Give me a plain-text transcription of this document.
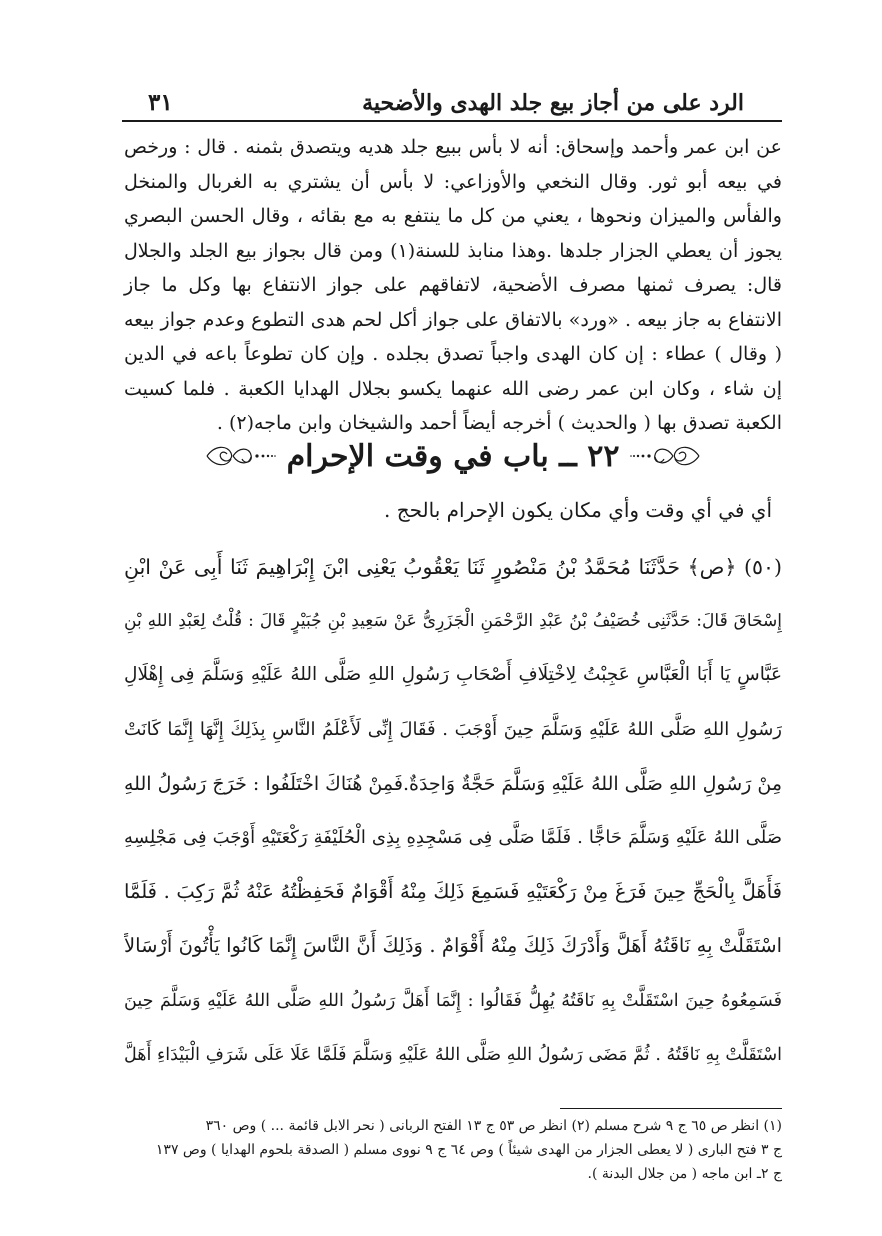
الرد على من أجاز بيع جلد الهدى والأضحية
٣١

عن ابن عمر وأحمد وإسحاق: أنه لا بأس ببيع جلد هديه ويتصدق بثمنه . قال : ورخص في بيعه أبو ثور. وقال النخعي والأوزاعي: لا بأس أن يشتري به الغربال والمنخل والفأس والميزان ونحوها ، يعني من كل ما ينتفع به مع بقائه ، وقال الحسن البصري يجوز أن يعطي الجزار جلدها .وهذا منابذ للسنة(١) ومن قال بجواز بيع الجلد والجلال قال: يصرف ثمنها مصرف الأضحية، لاتفاقهم على جواز الانتفاع بها وكل ما جاز الانتفاع به جاز بيعه . «ورد» بالاتفاق على جواز أكل لحم هدى التطوع وعدم جواز بيعه ( وقال ) عطاء : إن كان الهدى واجباً تصدق بجلده . وإن كان تطوعاً باعه في الدين إن شاء ، وكان ابن عمر رضى الله عنهما يكسو بجلال الهدايا الكعبة . فلما كسيت الكعبة تصدق بها ( والحديث ) أخرجه أيضاً أحمد والشيخان وابن ماجه(٢) .

٢٢ ــ باب في وقت الإحرام
أي في أي وقت وأي مكان يكون الإحرام بالحج .
(٥٠) ﴿ص﴾ حَدَّثَنَا مُحَمَّدُ بْنُ مَنْصُورٍ ثَنَا يَعْقُوبُ يَعْنِى ابْنَ إِبْرَاهِيمَ ثَنَا أَبِى عَنْ ابْنِ
إِسْحَاقَ قَالَ: حَدَّثَنِى خُصَيْفُ بْنُ عَبْدِ الرَّحْمَنِ الْجَزَرِىُّ عَنْ سَعِيدِ بْنِ جُبَيْرٍ قَالَ : قُلْتُ لِعَبْدِ اللهِ بْنِ
عَبَّاسٍ يَا أَبَا الْعَبَّاسِ عَجِبْتُ لِاخْتِلَافِ أَصْحَابِ رَسُولِ اللهِ صَلَّى اللهُ عَلَيْهِ وَسَلَّمَ فِى إِهْلَالِ
رَسُولِ اللهِ صَلَّى اللهُ عَلَيْهِ وَسَلَّمَ حِينَ أَوْجَبَ . فَقَالَ إِنِّى لَأَعْلَمُ النَّاسِ بِذَلِكَ إِنَّهَا إِنَّمَا كَانَتْ
مِنْ رَسُولِ اللهِ صَلَّى اللهُ عَلَيْهِ وَسَلَّمَ حَجَّةٌ وَاحِدَةٌ.فَمِنْ هُنَاكَ اخْتَلَفُوا : خَرَجَ رَسُولُ اللهِ
صَلَّى اللهُ عَلَيْهِ وَسَلَّمَ حَاجًّا . فَلَمَّا صَلَّى فِى مَسْجِدِهِ بِذِى الْحُلَيْفَةِ رَكْعَتَيْهِ أَوْجَبَ فِى مَجْلِسِهِ
فَأَهَلَّ بِالْحَجِّ حِينَ فَرَغَ مِنْ رَكْعَتَيْهِ فَسَمِعَ ذَلِكَ مِنْهُ أَقْوَامٌ فَحَفِظْتُهُ عَنْهُ ثُمَّ رَكِبَ . فَلَمَّا
اسْتَقَلَّتْ بِهِ نَاقَتُهُ أَهَلَّ وَأَدْرَكَ ذَلِكَ مِنْهُ أَقْوَامٌ . وَذَلِكَ أَنَّ النَّاسَ إِنَّمَا كَانُوا يَأْتُونَ أَرْسَالاً
فَسَمِعُوهُ حِينَ اسْتَقَلَّتْ بِهِ نَاقَتُهُ يُهِلُّ فَقَالُوا : إِنَّمَا أَهَلَّ رَسُولُ اللهِ صَلَّى اللهُ عَلَيْهِ وَسَلَّمَ حِينَ
اسْتَقَلَّتْ بِهِ نَاقَتُهُ . ثُمَّ مَضَى رَسُولُ اللهِ صَلَّى اللهُ عَلَيْهِ وَسَلَّمَ فَلَمَّا عَلَا عَلَى شَرَفِ الْبَيْدَاءِ أَهَلَّ

(١) انظر ص ٦٥ ج ٩ شرح مسلم (٢) انظر ص ٥٣ ج ١٣ الفتح الربانى ( نحر الابل قائمة ... ) وص ٣٦٠

ج ٣ فتح البارى ( لا يعطى الجزار من الهدى شيئاً ) وص ٦٤ ج ٩ نووى مسلم ( الصدقة بلحوم الهدايا ) وص ١٣٧

ج ٢ـ ابن ماجه ( من جلال البدنة ).
